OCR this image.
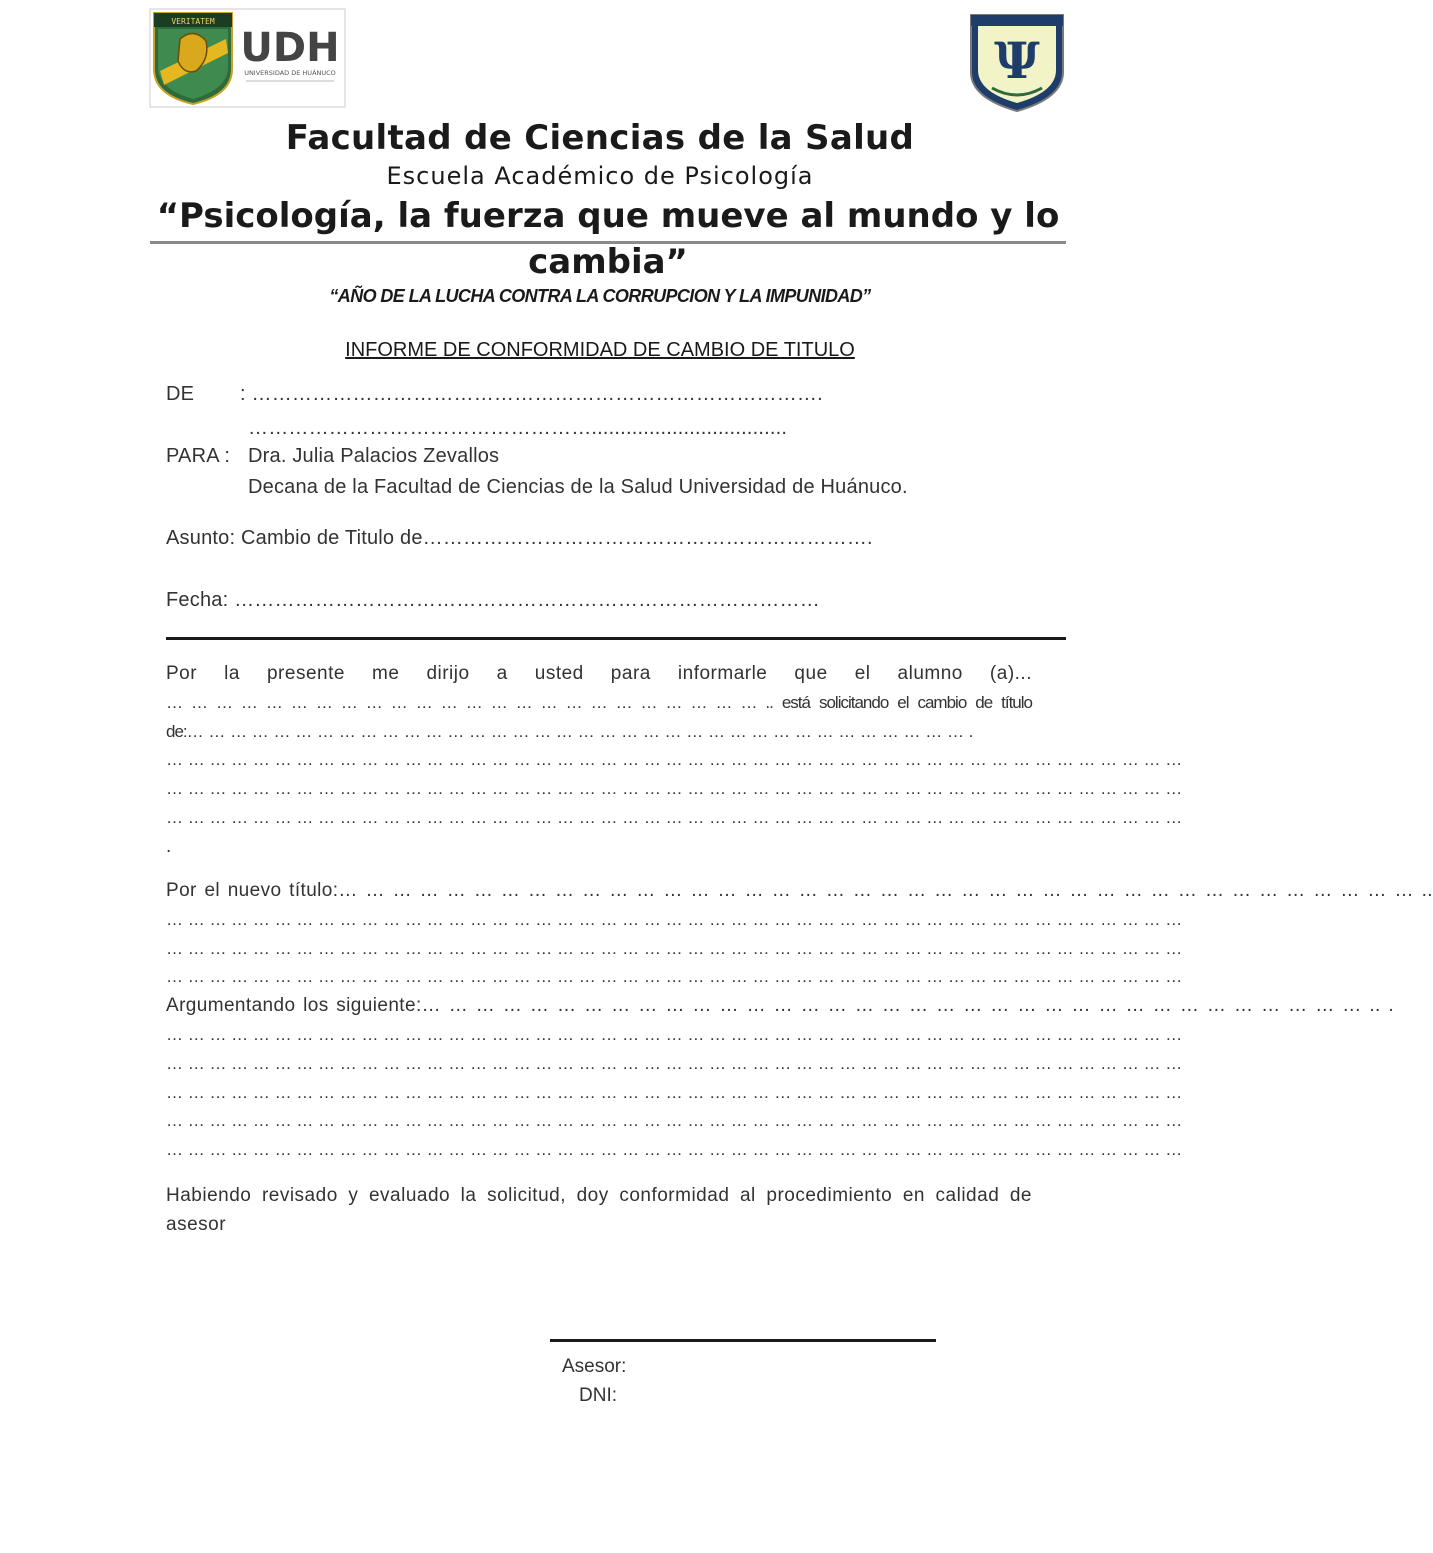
VERITATEM
UDH
UNIVERSIDAD DE HUÁNUCO	Ψ
Facultad de Ciencias de la Salud
Escuela Académico de Psicología
“Psicología, la fuerza que mueve al mundo y lo cambia”
“AÑO DE LA LUCHA CONTRA LA CORRUPCION Y LA IMPUNIDAD”
INFORME DE CONFORMIDAD DE CAMBIO DE TITULO
DE : ………………………………………………………………………….
……………………………………………..................................
PARA : Dra. Julia Palacios Zevallos
Decana de la Facultad de Ciencias de la Salud Universidad de Huánuco.
Asunto: Cambio de Titulo de………………………………………………………….
Fecha: ……………………………………………………………………………
Por la presente me dirijo a usted para informarle que el alumno (a)...
… … … … … … … … … … … … … … … … … … … … … … … … .. está solicitando el cambio de título
de:… … … … … … … … … … … … … … … … … … … … … … … … … … … … … … … … … … … … .
… … … … … … … … … … … … … … … … … … … … … … … … … … … … … … … … … … … … … … … … … … … … … … …
… … … … … … … … … … … … … … … … … … … … … … … … … … … … … … … … … … … … … … … … … … … … … … …
… … … … … … … … … … … … … … … … … … … … … … … … … … … … … … … … … … … … … … … … … … … … … … …
.
Por el nuevo título:… … … … … … … … … … … … … … … … … … … … … … … … … … … … … … … … … … … … … … … … ..
… … … … … … … … … … … … … … … … … … … … … … … … … … … … … … … … … … … … … … … … … … … … … … …
… … … … … … … … … … … … … … … … … … … … … … … … … … … … … … … … … … … … … … … … … … … … … … …
… … … … … … … … … … … … … … … … … … … … … … … … … … … … … … … … … … … … … … … … … … … … … … …
Argumentando los siguiente:… … … … … … … … … … … … … … … … … … … … … … … … … … … … … … … … … … … .. .
… … … … … … … … … … … … … … … … … … … … … … … … … … … … … … … … … … … … … … … … … … … … … … …
… … … … … … … … … … … … … … … … … … … … … … … … … … … … … … … … … … … … … … … … … … … … … … …
… … … … … … … … … … … … … … … … … … … … … … … … … … … … … … … … … … … … … … … … … … … … … … …
… … … … … … … … … … … … … … … … … … … … … … … … … … … … … … … … … … … … … … … … … … … … … … …
… … … … … … … … … … … … … … … … … … … … … … … … … … … … … … … … … … … … … … … … … … … … … … …
Habiendo revisado y evaluado la solicitud, doy conformidad al procedimiento en calidad de asesor
Asesor:
DNI:
